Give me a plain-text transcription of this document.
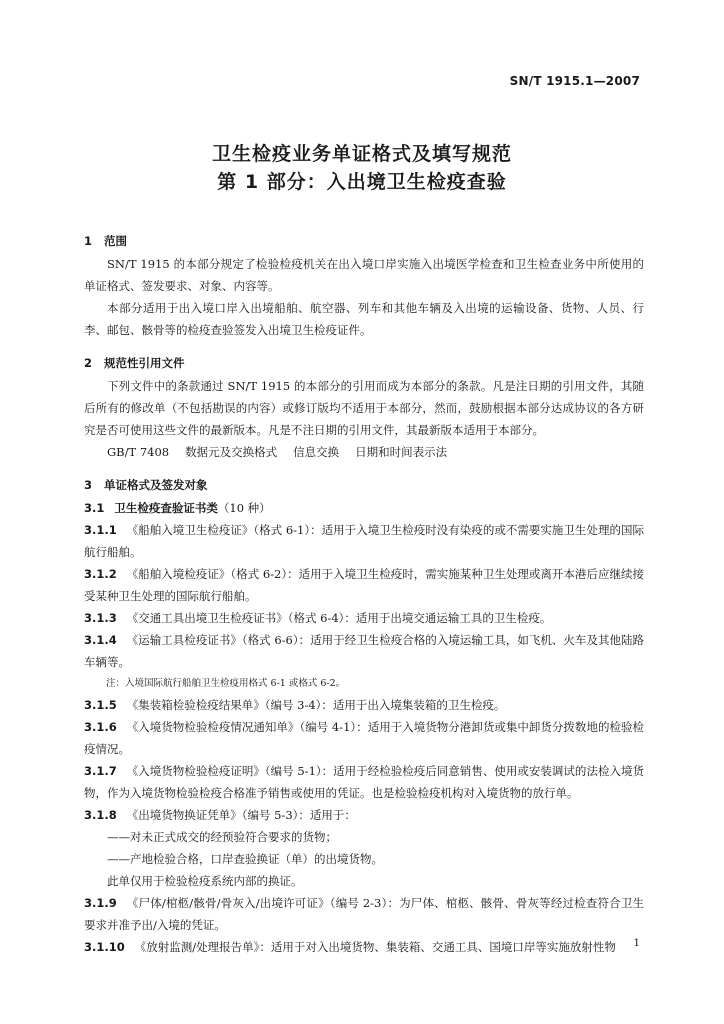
SN/T 1915.1—2007
卫生检疫业务单证格式及填写规范
第 1 部分：入出境卫生检疫查验
1 范围
SN/T 1915 的本部分规定了检验检疫机关在出入境口岸实施入出境医学检查和卫生检查业务中所使用的单证格式、签发要求、对象、内容等。
本部分适用于出入境口岸入出境船舶、航空器、列车和其他车辆及入出境的运输设备、货物、人员、行李、邮包、骸骨等的检疫查验签发入出境卫生检疫证件。
2 规范性引用文件
下列文件中的条款通过 SN/T 1915 的本部分的引用而成为本部分的条款。凡是注日期的引用文件，其随后所有的修改单（不包括勘误的内容）或修订版均不适用于本部分，然而，鼓励根据本部分达成协议的各方研究是否可使用这些文件的最新版本。凡是不注日期的引用文件，其最新版本适用于本部分。
GB/T 7408 数据元及交换格式 信息交换 日期和时间表示法
3 单证格式及签发对象
3.1 卫生检疫查验证书类（10 种）
3.1.1 《船舶入境卫生检疫证》（格式 6-1）：适用于入境卫生检疫时没有染疫的或不需要实施卫生处理的国际航行船舶。
3.1.2 《船舶入境检疫证》（格式 6-2）：适用于入境卫生检疫时，需实施某种卫生处理或离开本港后应继续接受某种卫生处理的国际航行船舶。
3.1.3 《交通工具出境卫生检疫证书》（格式 6-4）：适用于出境交通运输工具的卫生检疫。
3.1.4 《运输工具检疫证书》（格式 6-6）：适用于经卫生检疫合格的入境运输工具，如飞机、火车及其他陆路车辆等。
注：入境国际航行船舶卫生检疫用格式 6-1 或格式 6-2。
3.1.5 《集装箱检验检疫结果单》（编号 3-4）：适用于出入境集装箱的卫生检疫。
3.1.6 《入境货物检验检疫情况通知单》（编号 4-1）：适用于入境货物分港卸货或集中卸货分拨数地的检验检疫情况。
3.1.7 《入境货物检验检疫证明》（编号 5-1）：适用于经检验检疫后同意销售、使用或安装调试的法检入境货物，作为入境货物检验检疫合格准予销售或使用的凭证。也是检验检疫机构对入境货物的放行单。
3.1.8 《出境货物换证凭单》（编号 5-3）：适用于：
——对未正式成交的经预验符合要求的货物；
——产地检验合格，口岸查验换证（单）的出境货物。
此单仅用于检验检疫系统内部的换证。
3.1.9 《尸体/棺柩/骸骨/骨灰入/出境许可证》（编号 2-3）：为尸体、棺柩、骸骨、骨灰等经过检查符合卫生要求并准予出/入境的凭证。
3.1.10 《放射监测/处理报告单》：适用于对入出境货物、集装箱、交通工具、国境口岸等实施放射性物	1
